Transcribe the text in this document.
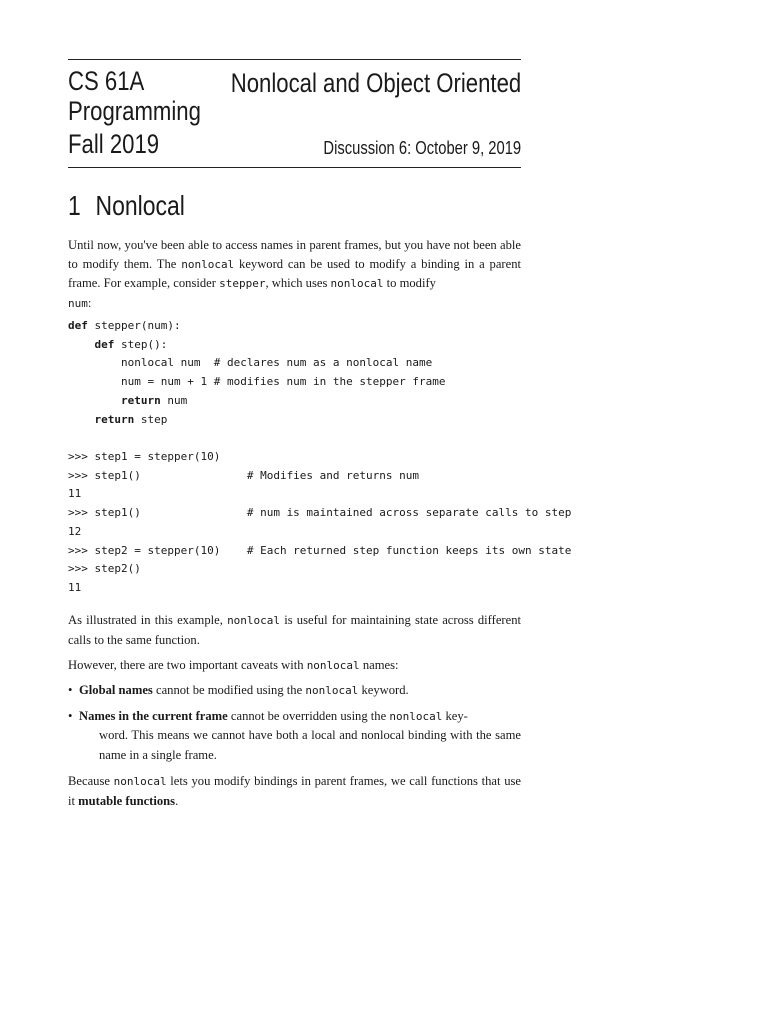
CS 61A
Programming
Fall 2019
Nonlocal and Object Oriented
Discussion 6: October 9, 2019
1 Nonlocal
Until now, you've been able to access names in parent frames, but you have not been able to modify them. The nonlocal keyword can be used to modify a binding in a parent frame. For example, consider stepper, which uses nonlocal to modify
num:
def stepper(num):
def step():
nonlocal num  # declares num as a nonlocal name
num = num + 1 # modifies num in the stepper frame
return num
return step
>>> step1 = stepper(10)
>>> step1()	# Modifies and returns num
11
>>> step1()	# num is maintained across separate calls to step
12
>>> step2 = stepper(10) # Each returned step function keeps its own state
>>> step2()
11
As illustrated in this example, nonlocal is useful for maintaining state across different calls to the same function.
However, there are two important caveats with nonlocal names:
• Global names cannot be modified using the nonlocal keyword.
• Names in the current frame cannot be overridden using the nonlocal key-
word. This means we cannot have both a local and nonlocal binding with the same name in a single frame.
Because nonlocal lets you modify bindings in parent frames, we call functions that use it mutable functions.
